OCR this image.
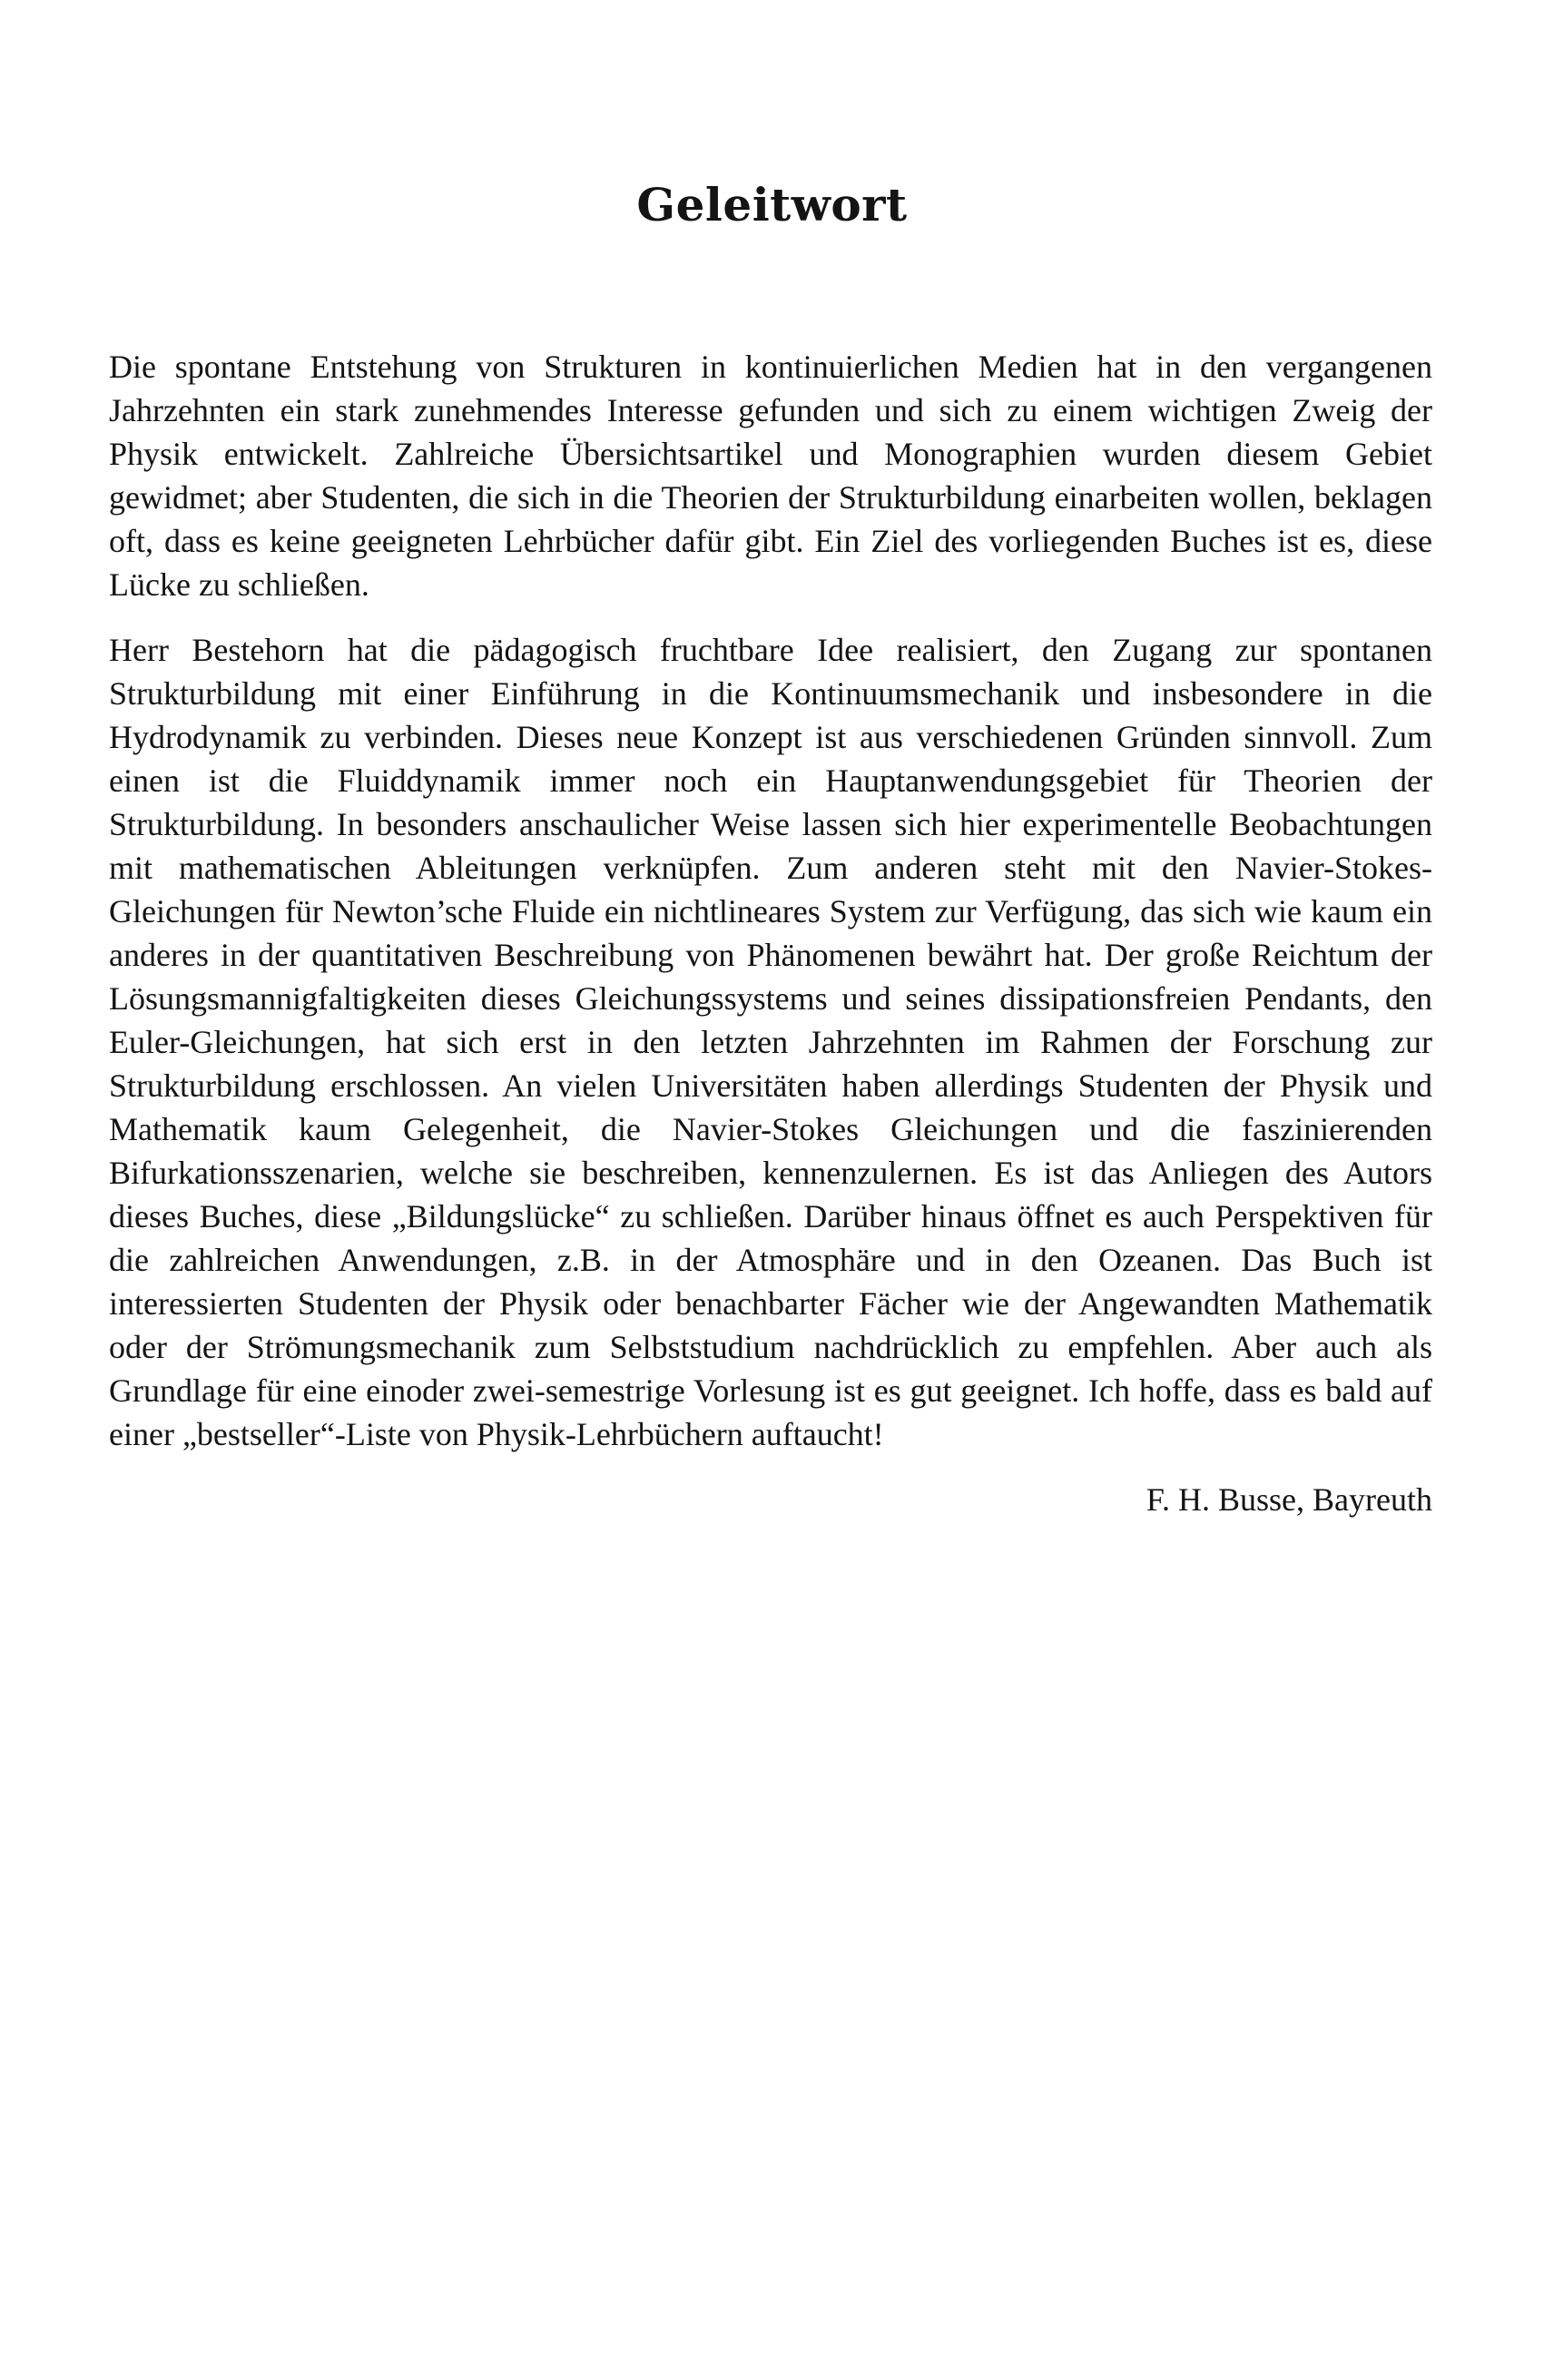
Geleitwort

Die spontane Entstehung von Strukturen in kontinuierlichen Medien hat in den vergangenen Jahrzehnten ein stark zunehmendes Interesse gefunden und sich zu einem wichtigen Zweig der Physik entwickelt. Zahlreiche Übersichtsartikel und Monographien wurden diesem Gebiet gewidmet; aber Studenten, die sich in die Theorien der Strukturbildung einarbeiten wollen, beklagen oft, dass es keine geeigneten Lehrbücher dafür gibt. Ein Ziel des vorliegenden Buches ist es, diese Lücke zu schließen.

Herr Bestehorn hat die pädagogisch fruchtbare Idee realisiert, den Zugang zur spontanen Strukturbildung mit einer Einführung in die Kontinuumsmechanik und insbesondere in die Hydrodynamik zu verbinden. Dieses neue Konzept ist aus verschiedenen Gründen sinnvoll. Zum einen ist die Fluiddynamik immer noch ein Hauptanwendungsgebiet für Theorien der Strukturbildung. In besonders anschaulicher Weise lassen sich hier experimentelle Beobachtungen mit mathematischen Ableitungen verknüpfen. Zum anderen steht mit den Navier-Stokes-Gleichungen für Newton’sche Fluide ein nichtlineares System zur Verfügung, das sich wie kaum ein anderes in der quantitativen Beschreibung von Phänomenen bewährt hat. Der große Reichtum der Lösungsmannigfaltigkeiten dieses Gleichungssystems und seines dissipationsfreien Pendants, den Euler-Gleichungen, hat sich erst in den letzten Jahrzehnten im Rahmen der Forschung zur Strukturbildung erschlossen. An vielen Universitäten haben allerdings Studenten der Physik und Mathematik kaum Gelegenheit, die Navier-Stokes Gleichungen und die faszinierenden Bifurkationsszenarien, welche sie beschreiben, kennenzulernen. Es ist das Anliegen des Autors dieses Buches, diese „Bildungslücke“ zu schließen. Darüber hinaus öffnet es auch Perspektiven für die zahlreichen Anwendungen, z.B. in der Atmosphäre und in den Ozeanen. Das Buch ist interessierten Studenten der Physik oder benachbarter Fächer wie der Angewandten Mathematik oder der Strömungsmechanik zum Selbststudium nachdrücklich zu empfehlen. Aber auch als Grundlage für eine einoder zwei-semestrige Vorlesung ist es gut geeignet. Ich hoffe, dass es bald auf einer „bestseller“-Liste von Physik-Lehrbüchern auftaucht!

F. H. Busse, Bayreuth
